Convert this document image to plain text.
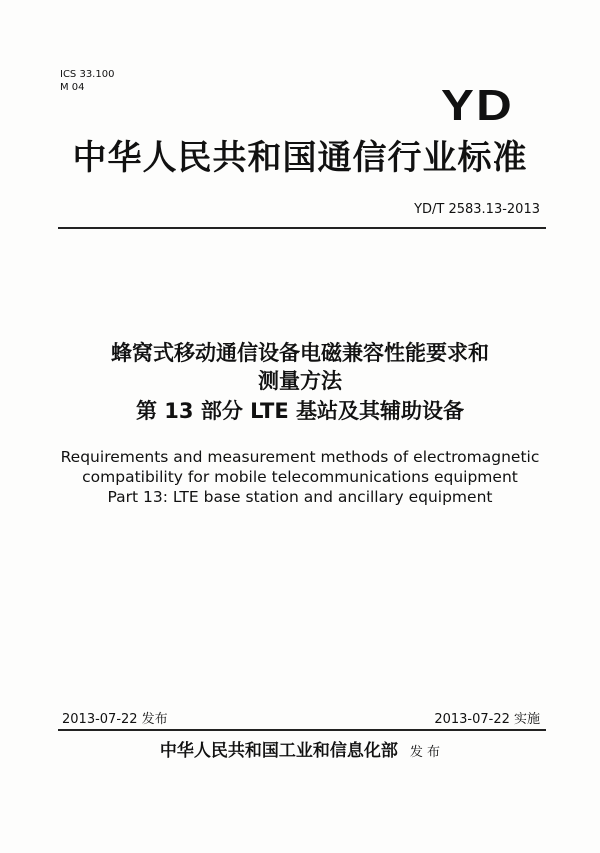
ICS 33.100
M 04	YD
中华人民共和国通信行业标准
YD/T 2583.13-2013
蜂窝式移动通信设备电磁兼容性能要求和
测量方法
第 13 部分 LTE 基站及其辅助设备
Requirements and measurement methods of electromagnetic
compatibility for mobile telecommunications equipment
Part 13: LTE base station and ancillary equipment
2013-07-22 发布	2013-07-22 实施
中华人民共和国工业和信息化部 发 布
